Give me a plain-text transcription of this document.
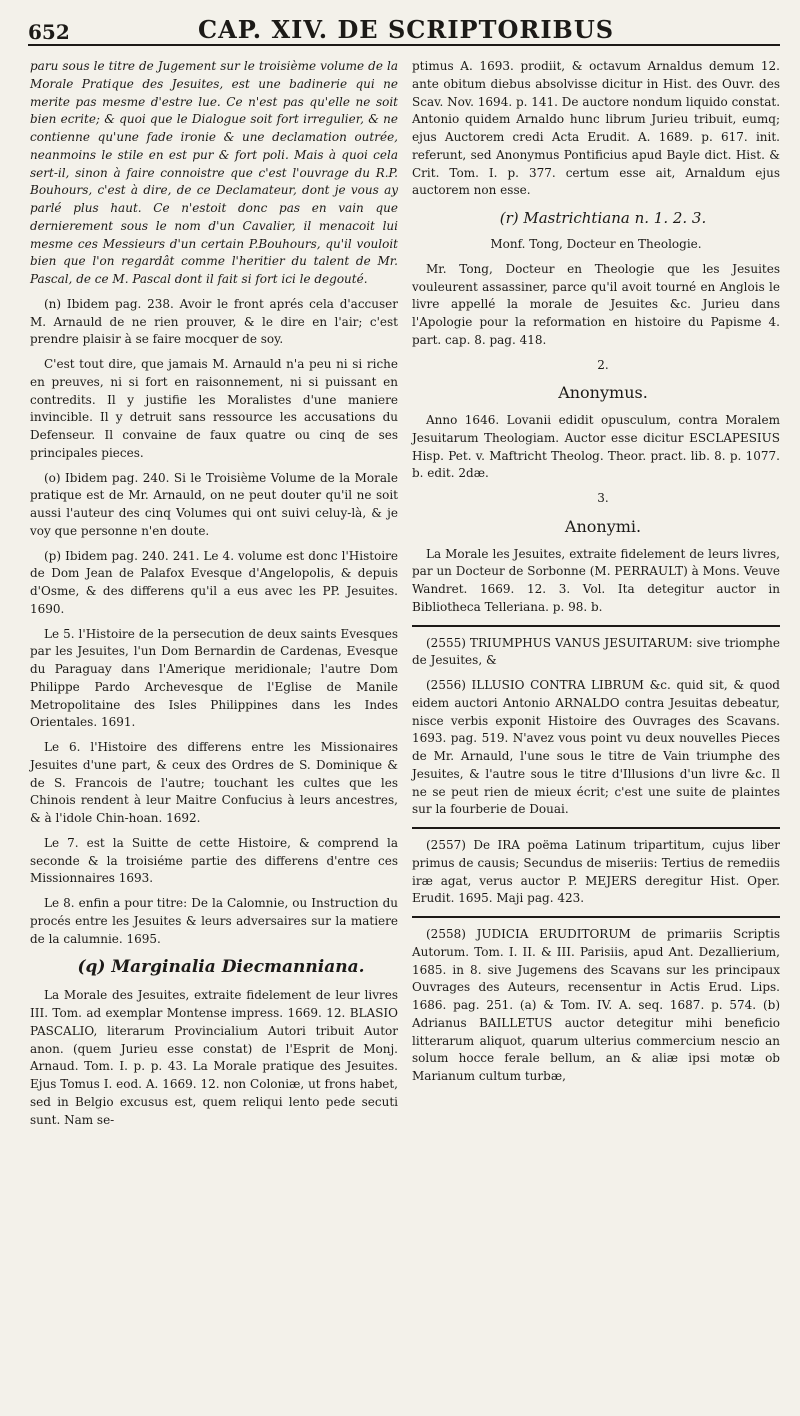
652	CAP. XIV. DE SCRIPTORIBUS

paru sous le titre de Jugement sur le troisième volume de la Morale Pratique des Jesuites, est une badinerie qui ne merite pas mesme d'estre lue. Ce n'est pas qu'elle ne soit bien ecrite; & quoi que le Dialogue soit fort irregulier, & ne contienne qu'une fade ironie & une declamation outrée, neanmoins le stile en est pur & fort poli. Mais à quoi cela sert-il, sinon à faire connoistre que c'est l'ouvrage du R.P. Bouhours, c'est à dire, de ce Declamateur, dont je vous ay parlé plus haut. Ce n'estoit donc pas en vain que dernierement sous le nom d'un Cavalier, il menacoit lui mesme ces Messieurs d'un certain P.Bouhours, qu'il vouloit bien que l'on regardât comme l'heritier du talent de Mr. Pascal, de ce M. Pascal dont il fait si fort ici le degouté.

(n) Ibidem pag. 238. Avoir le front aprés cela d'accuser M. Arnauld de ne rien prouver, & le dire en l'air; c'est prendre plaisir à se faire mocquer de soy.

C'est tout dire, que jamais M. Arnauld n'a peu ni si riche en preuves, ni si fort en raisonnement, ni si puissant en contredits. Il y justifie les Moralistes d'une maniere invincible. Il y detruit sans ressource les accusations du Defenseur. Il convaine de faux quatre ou cinq de ses principales pieces.

(o) Ibidem pag. 240. Si le Troisième Volume de la Morale pratique est de Mr. Arnauld, on ne peut douter qu'il ne soit aussi l'auteur des cinq Volumes qui ont suivi celuy-là, & je voy que personne n'en doute.

(p) Ibidem pag. 240. 241. Le 4. volume est donc l'Histoire de Dom Jean de Palafox Evesque d'Angelopolis, & depuis d'Osme, & des differens qu'il a eus avec les PP. Jesuites. 1690.

Le 5. l'Histoire de la persecution de deux saints Evesques par les Jesuites, l'un Dom Bernardin de Cardenas, Evesque du Paraguay dans l'Amerique meridionale; l'autre Dom Philippe Pardo Archevesque de l'Eglise de Manile Metropolitaine des Isles Philippines dans les Indes Orientales. 1691.

Le 6. l'Histoire des differens entre les Missionaires Jesuites d'une part, & ceux des Ordres de S. Dominique & de S. Francois de l'autre; touchant les cultes que les Chinois rendent à leur Maitre Confucius à leurs ancestres, & à l'idole Chin-hoan. 1692.

Le 7. est la Suitte de cette Histoire, & comprend la seconde & la troisiéme partie des differens d'entre ces Missionnaires 1693.

Le 8. enfin a pour titre: De la Calomnie, ou Instruction du procés entre les Jesuites & leurs adversaires sur la matiere de la calumnie. 1695.

(q) Marginalia Diecmanniana.

La Morale des Jesuites, extraite fidelement de leur livres III. Tom. ad exemplar Montense impress. 1669. 12. BLASIO PASCALIO, literarum Provincialium Autori tribuit Autor anon. (quem Jurieu esse constat) de l'Esprit de Monj. Arnaud. Tom. I. p. p. 43. La Morale pratique des Jesuites. Ejus Tomus I. eod. A. 1669. 12. non Coloniæ, ut frons habet, sed in Belgio excusus est, quem reliqui lento pede secuti sunt. Nam se-

ptimus A. 1693. prodiit, & octavum Arnaldus demum 12. ante obitum diebus absolvisse dicitur in Hist. des Ouvr. des Scav. Nov. 1694. p. 141. De auctore nondum liquido constat. Antonio quidem Arnaldo hunc librum Jurieu tribuit, eumq; ejus Auctorem credi Acta Erudit. A. 1689. p. 617. init. referunt, sed Anonymus Pontificius apud Bayle dict. Hist. & Crit. Tom. I. p. 377. certum esse ait, Arnaldum ejus auctorem non esse.

(r) Mastrichtiana n. 1. 2. 3.

Monf. Tong, Docteur en Theologie.

Mr. Tong, Docteur en Theologie que les Jesuites vouleurent assassiner, parce qu'il avoit tourné en Anglois le livre appellé la morale de Jesuites &c. Jurieu dans l'Apologie pour la reformation en histoire du Papisme 4. part. cap. 8. pag. 418.

2.

Anonymus.

Anno 1646. Lovanii edidit opusculum, contra Moralem Jesuitarum Theologiam. Auctor esse dicitur ESCLAPESIUS Hisp. Pet. v. Maftricht Theolog. Theor. pract. lib. 8. p. 1077. b. edit. 2dæ.

3.

Anonymi.

La Morale les Jesuites, extraite fidelement de leurs livres, par un Docteur de Sorbonne (M. PERRAULT) à Mons. Veuve Wandret. 1669. 12. 3. Vol. Ita detegitur auctor in Bibliotheca Telleriana. p. 98. b.

(2555) TRIUMPHUS VANUS JESUITARUM: sive triomphe de Jesuites, &

(2556) ILLUSIO CONTRA LIBRUM &c. quid sit, & quod eidem auctori Antonio ARNALDO contra Jesuitas debeatur, nisce verbis exponit Histoire des Ouvrages des Scavans. 1693. pag. 519. N'avez vous point vu deux nouvelles Pieces de Mr. Arnauld, l'une sous le titre de Vain triumphe des Jesuites, & l'autre sous le titre d'Illusions d'un livre &c. Il ne se peut rien de mieux écrit; c'est une suite de plaintes sur la fourberie de Douai.

(2557) De IRA poëma Latinum tripartitum, cujus liber primus de causis; Secundus de miseriis: Tertius de remediis iræ agat, verus auctor P. MEJERS deregitur Hist. Oper. Erudit. 1695. Maji pag. 423.

(2558) JUDICIA ERUDITORUM de primariis Scriptis Autorum. Tom. I. II. & III. Parisiis, apud Ant. Dezallierium, 1685. in 8. sive Jugemens des Scavans sur les principaux Ouvrages des Auteurs, recensentur in Actis Erud. Lips. 1686. pag. 251. (a) & Tom. IV. A. seq. 1687. p. 574. (b) Adrianus BAILLETUS auctor detegitur mihi beneficio litterarum aliquot, quarum ulterius commercium nescio an solum hocce ferale bellum, an & aliæ ipsi motæ ob Marianum cultum turbæ,
